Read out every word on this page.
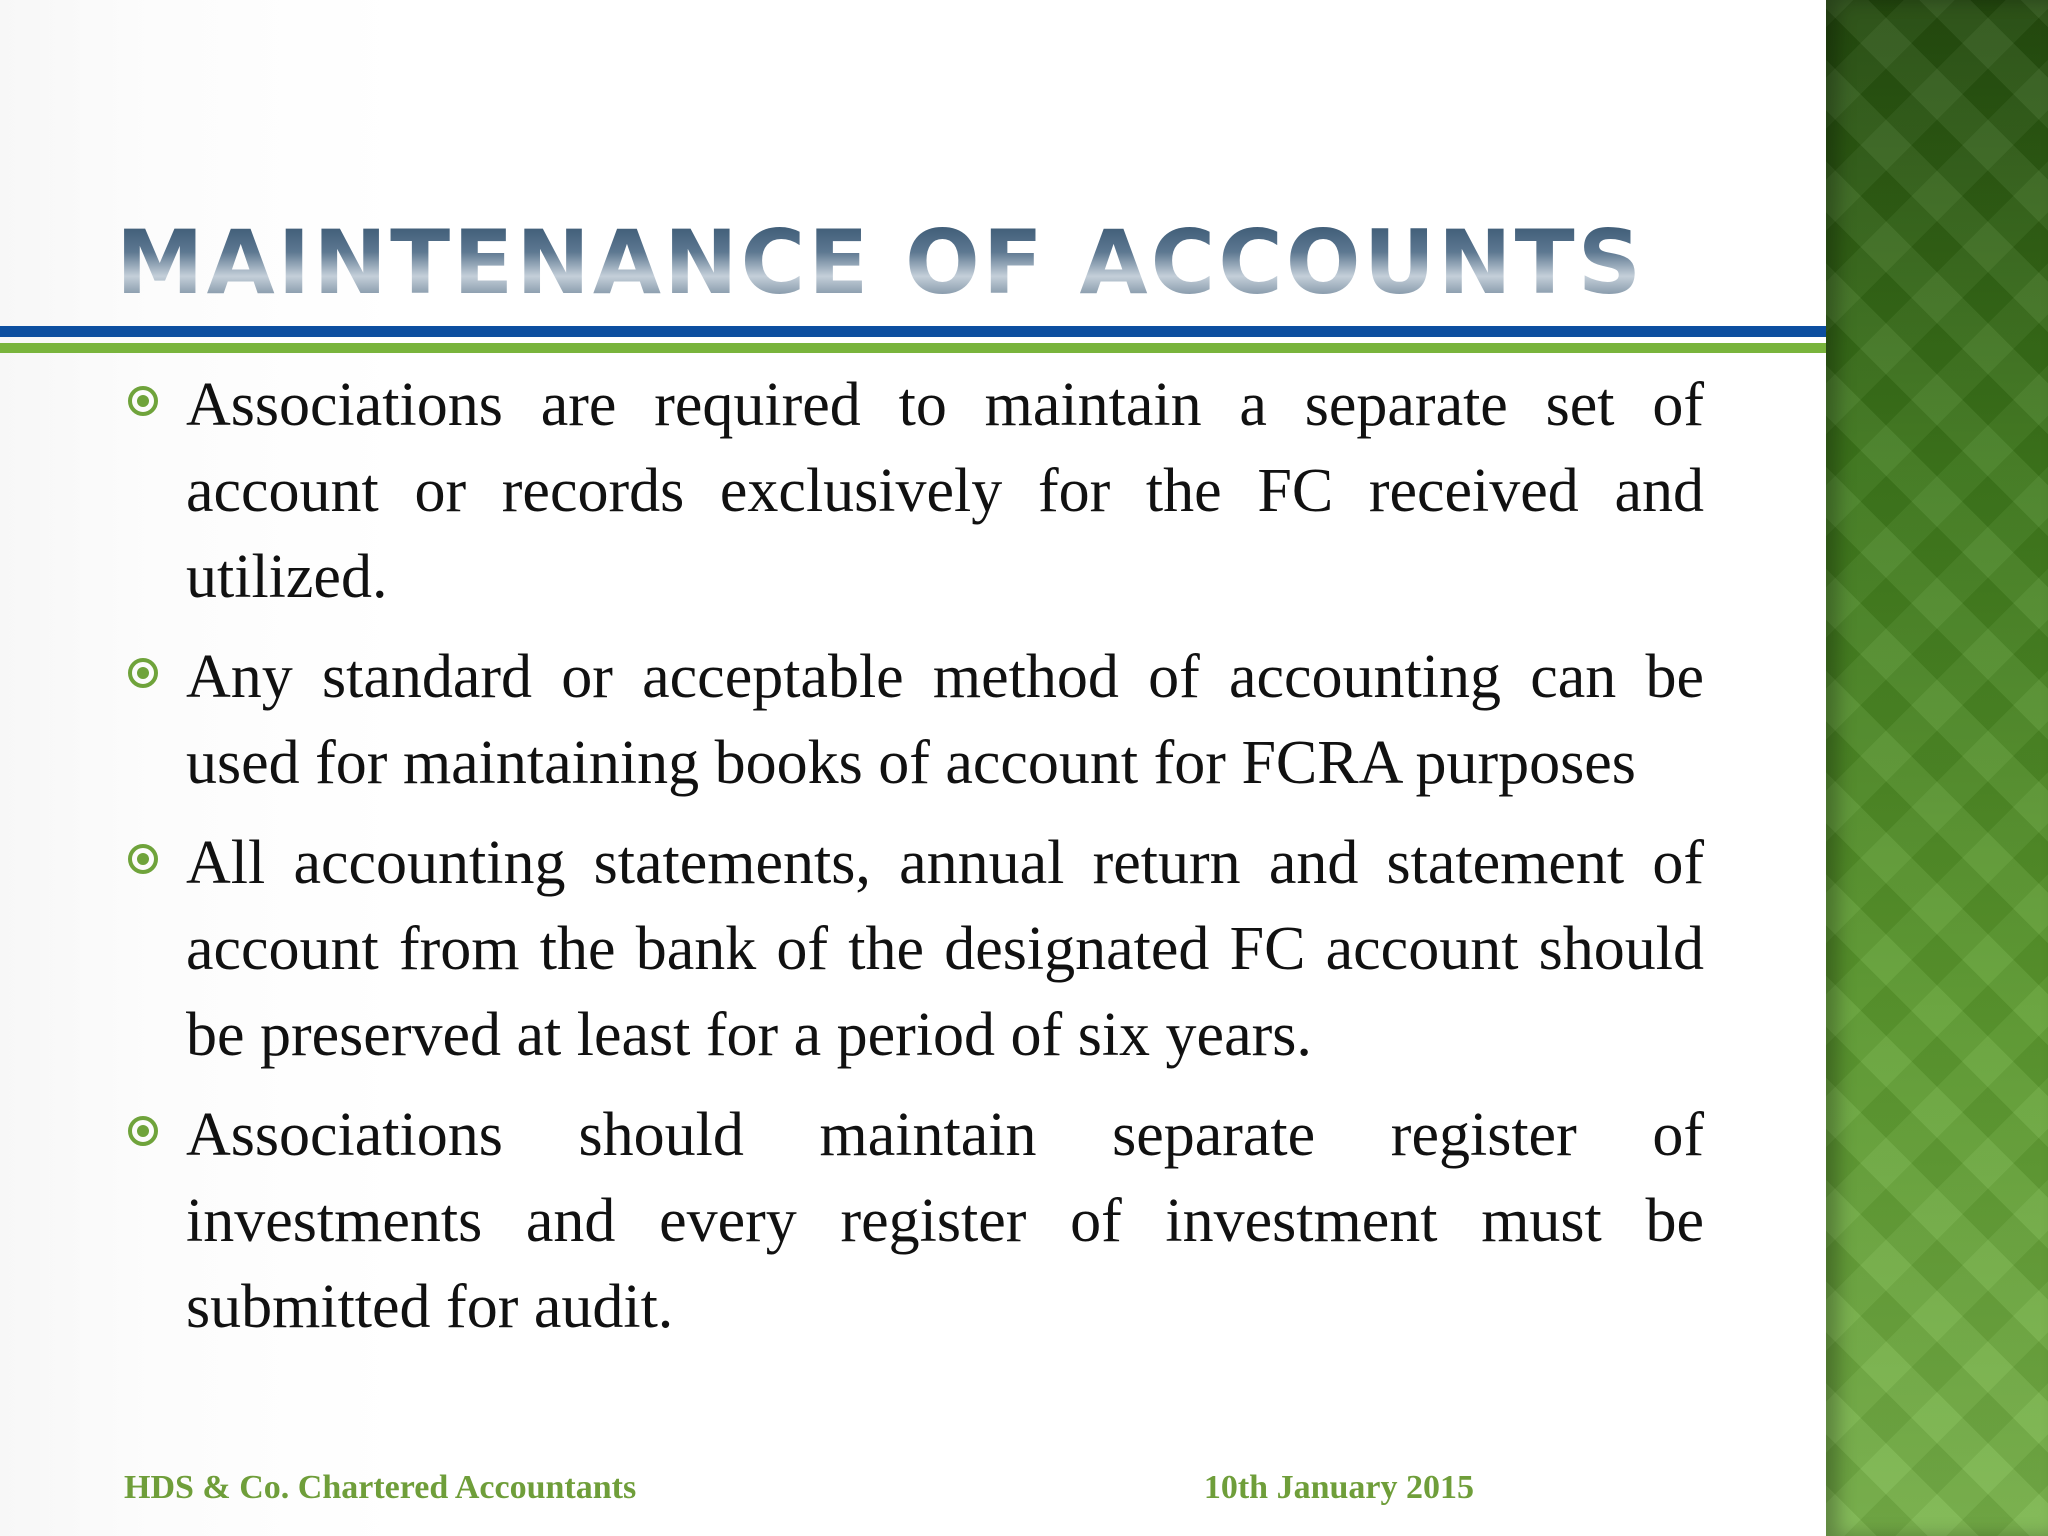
MAINTENANCE OF ACCOUNTS
Associations are required to maintain a separate set of account or records exclusively for the FC received and utilized.
Any standard or acceptable method of accounting can be used for maintaining books of account for FCRA purposes
All accounting statements, annual return and statement of account from the bank of the designated FC account should be preserved at least for a period of six years.
Associations should maintain separate register of investments and every register of investment must be submitted for audit.
HDS & Co. Chartered Accountants	10th January 2015
